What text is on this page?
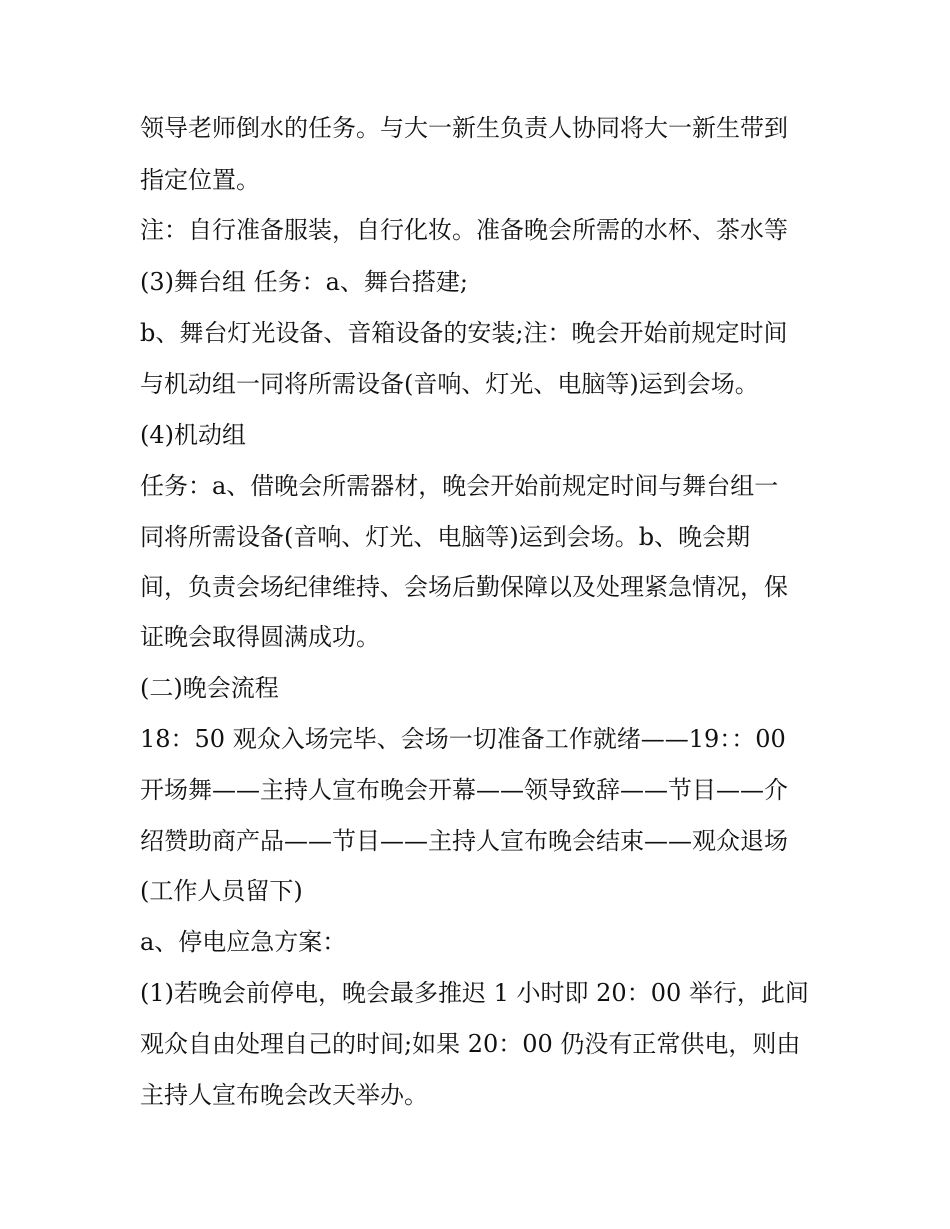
领导老师倒水的任务。与大一新生负责人协同将大一新生带到
指定位置。
注：自行准备服装，自行化妆。准备晚会所需的水杯、茶水等
(3)舞台组 任务：a、舞台搭建;
b、舞台灯光设备、音箱设备的安装;注：晚会开始前规定时间
与机动组一同将所需设备(音响、灯光、电脑等)运到会场。
(4)机动组
任务：a、借晚会所需器材，晚会开始前规定时间与舞台组一
同将所需设备(音响、灯光、电脑等)运到会场。b、晚会期
间，负责会场纪律维持、会场后勤保障以及处理紧急情况，保
证晚会取得圆满成功。
(二)晚会流程
18：50 观众入场完毕、会场一切准备工作就绪——19：：00
开场舞——主持人宣布晚会开幕——领导致辞——节目——介
绍赞助商产品——节目——主持人宣布晚会结束——观众退场
(工作人员留下)
a、停电应急方案：
(1)若晚会前停电，晚会最多推迟 1 小时即 20：00 举行，此间
观众自由处理自己的时间;如果 20：00 仍没有正常供电，则由
主持人宣布晚会改天举办。
